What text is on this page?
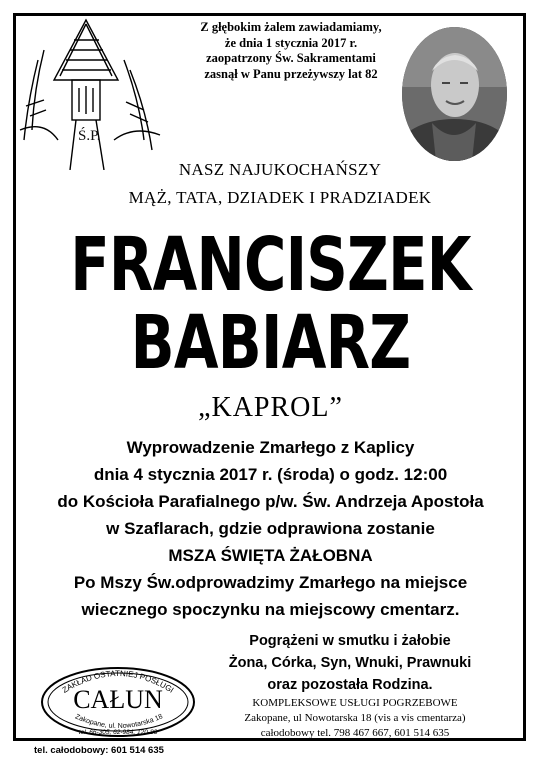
Ś.P.
Z głębokim żalem zawiadamiamy,
że dnia 1 stycznia 2017 r.
zaopatrzony Św. Sakramentami
zasnął w Panu przeżywszy lat 82
NASZ NAJUKOCHAŃSZY
MĄŻ, TATA, DZIADEK I PRADZIADEK
FRANCISZEK
BABIARZ
„KAPROL”
Wyprowadzenie Zmarłego z Kaplicy
dnia 4 stycznia 2017 r. (środa) o godz. 12:00
do Kościoła Parafialnego p/w. Św. Andrzeja Apostoła
w Szaflarach, gdzie odprawiona zostanie
MSZA ŚWIĘTA ŻAŁOBNA
Po Mszy Św.odprowadzimy Zmarłego na miejsce
wiecznego spoczynku na miejscowy cmentarz.
Pogrążeni w smutku i żałobie
Żona, Córka, Syn, Wnuki, Prawnuki
oraz pozostała Rodzina.
ZAKŁAD OSTATNIEJ POSŁUGI
CAŁUN
Zakopane, ul. Nowotarska 18
tel. 66-305, 62-984, 120-83
KOMPLEKSOWE USŁUGI POGRZEBOWE
Zakopane, ul Nowotarska 18 (vis a vis cmentarza)
całodobowy tel. 798 467 667, 601 514 635
tel. całodobowy: 601 514 635
